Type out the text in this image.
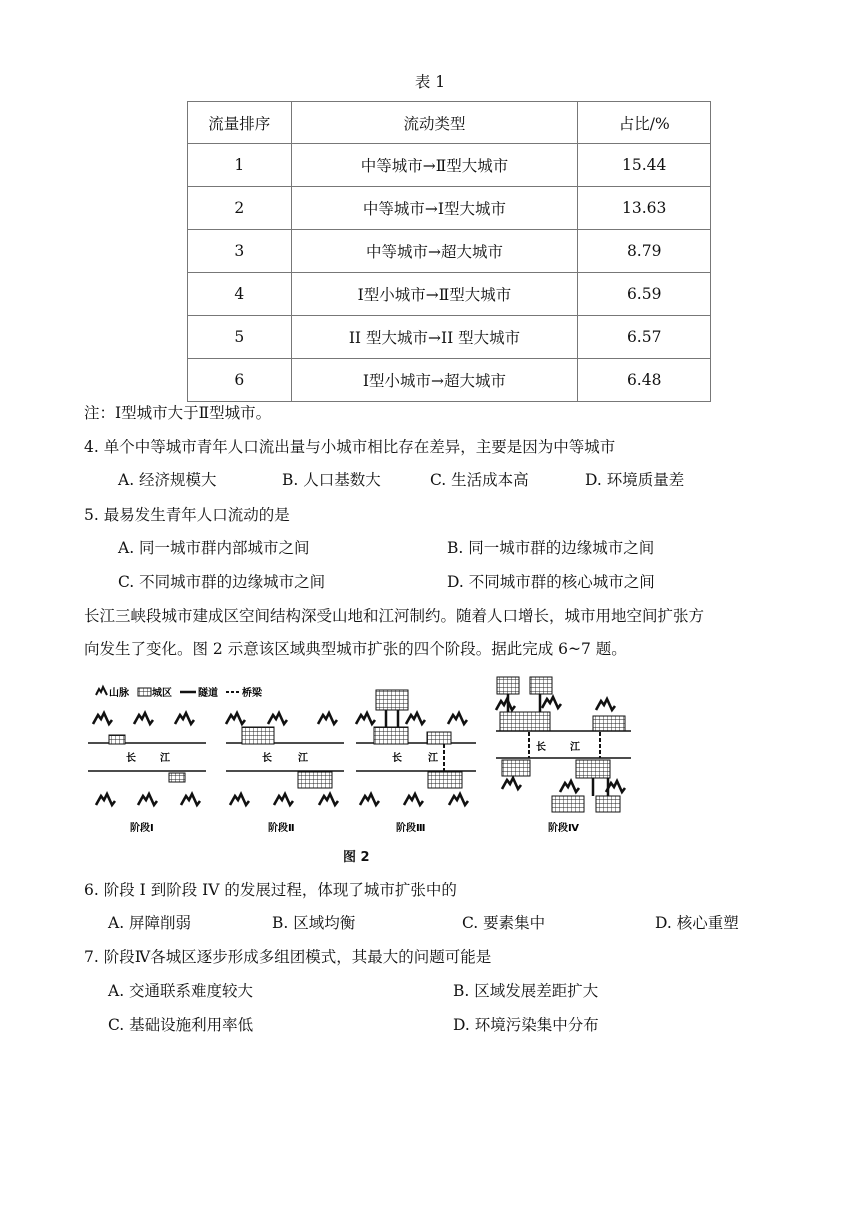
表 1
流量排序	流动类型	占比/%
1	中等城市→Ⅱ型大城市	15.44
2	中等城市→Ⅰ型大城市	13.63
3	中等城市→超大城市	8.79
4	Ⅰ型小城市→Ⅱ型大城市	6.59
5	II 型大城市→II 型大城市	6.57
6	Ⅰ型小城市→超大城市	6.48
注：Ⅰ型城市大于Ⅱ型城市。
4. 单个中等城市青年人口流出量与小城市相比存在差异，主要是因为中等城市
A. 经济规模大	B. 人口基数大	C. 生活成本高	D. 环境质量差
5. 最易发生青年人口流动的是
A. 同一城市群内部城市之间	B. 同一城市群的边缘城市之间
C. 不同城市群的边缘城市之间	D. 不同城市群的核心城市之间
长江三峡段城市建成区空间结构深受山地和江河制约。随着人口增长，城市用地空间扩张方
向发生了变化。图 2 示意该区域典型城市扩张的四个阶段。据此完成 6~7 题。
山脉 城区	隧道 桥梁
长 江
阶段Ⅰ
长	江
阶段Ⅱ
长	江
阶段Ⅲ
长 江
阶段Ⅳ
图 2
6. 阶段 I 到阶段 IV 的发展过程，体现了城市扩张中的
A. 屏障削弱	B. 区域均衡	C. 要素集中	D. 核心重塑
7. 阶段Ⅳ各城区逐步形成多组团模式，其最大的问题可能是
A. 交通联系难度较大	B. 区域发展差距扩大
C. 基础设施利用率低	D. 环境污染集中分布
